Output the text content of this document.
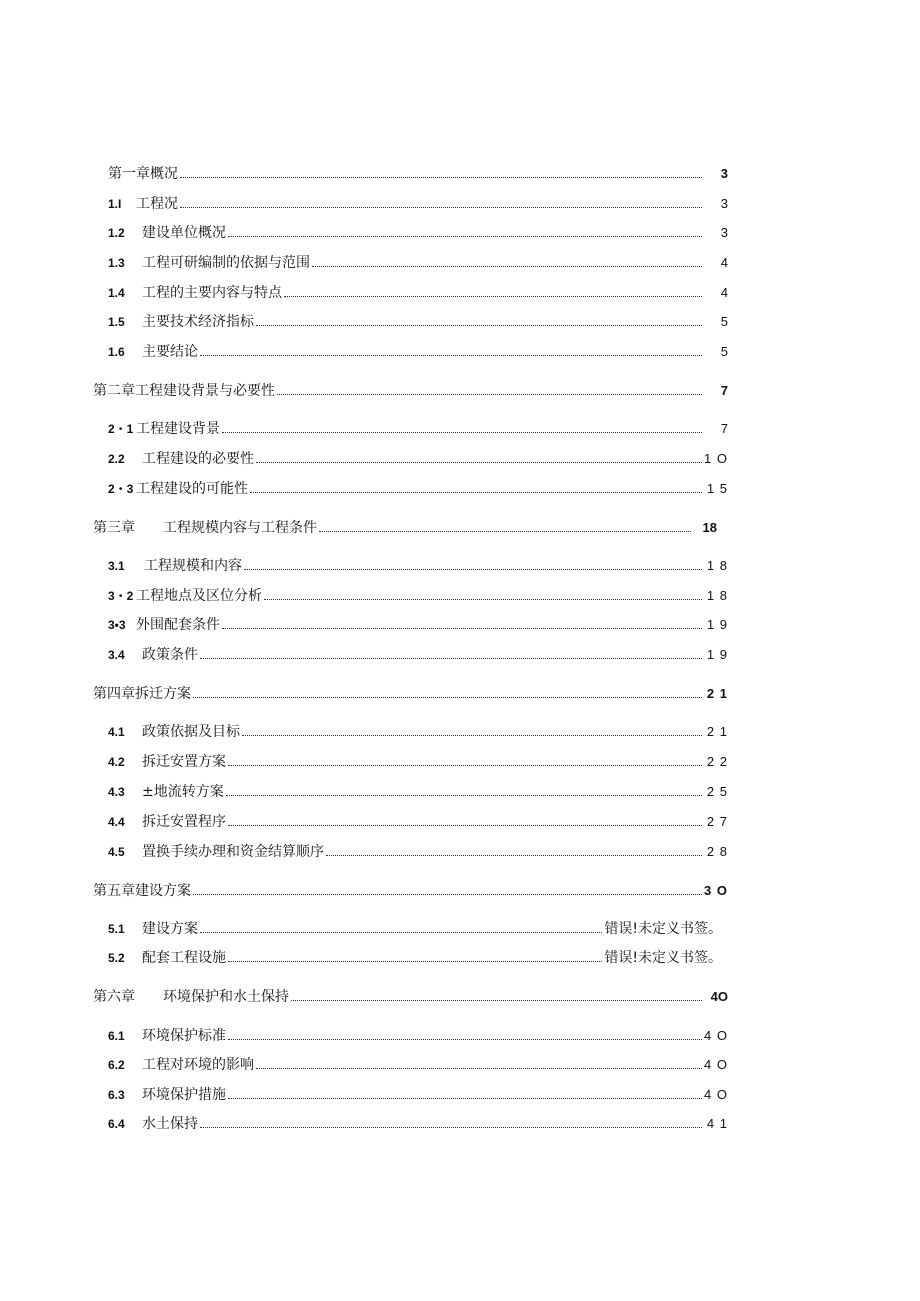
第一章概况	3
1.I	工程况	3
1.2	建设单位概况	3
1.3	工程可研编制的依据与范围	4
1.4	工程的主要内容与特点	4
1.5	主要技术经济指标	5
1.6	主要结论	5
第二章工程建设背景与必要性	7
2・1 工程建设背景	7
2.2	工程建设的必要性	1 O
2・3 工程建设的可能性	1 5
第三章　　工程规模内容与工程条件	18
3.1	工程规模和内容	1 8
3・2 工程地点及区位分析	1 8
3•3 外围配套条件	1 9
3.4	政策条件	1 9
第四章拆迁方案	2 1
4.1	政策依据及目标	2 1
4.2	拆迁安置方案	2 2
4.3	±地流转方案	2 5
4.4	拆迁安置程序	2 7
4.5	置换手续办理和资金结算顺序	2 8
第五章建设方案	3 O
5.1	建设方案	错误!未定义书签。
5.2	配套工程设施	错误!未定义书签。
第六章　　环境保护和水土保持	4O
6.1	环境保护标准	4 O
6.2	工程对环境的影响	4 O
6.3	环境保护措施	4 O
6.4	水土保持	4 1
